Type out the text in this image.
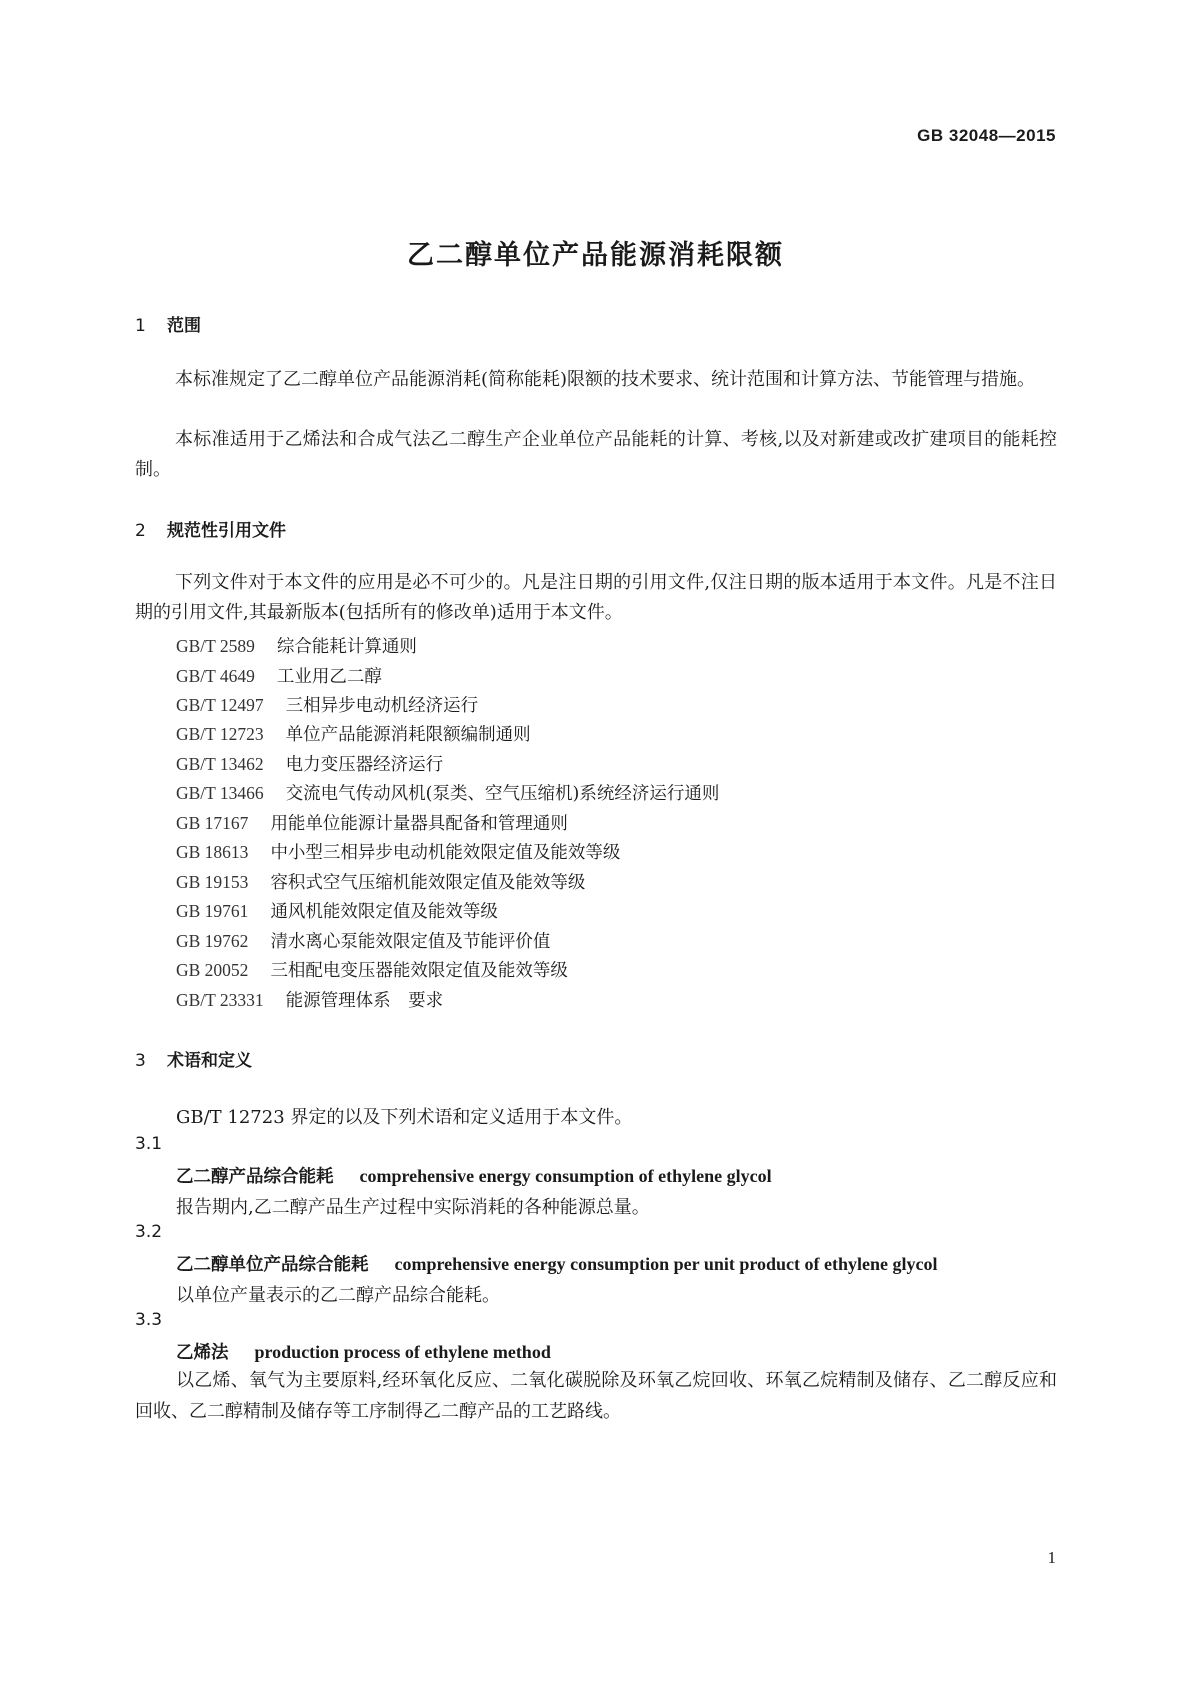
GB 32048—2015
乙二醇单位产品能源消耗限额
1 范围

本标准规定了乙二醇单位产品能源消耗(简称能耗)限额的技术要求、统计范围和计算方法、节能管理与措施。

本标准适用于乙烯法和合成气法乙二醇生产企业单位产品能耗的计算、考核,以及对新建或改扩建项目的能耗控制。

2 规范性引用文件

下列文件对于本文件的应用是必不可少的。凡是注日期的引用文件,仅注日期的版本适用于本文件。凡是不注日期的引用文件,其最新版本(包括所有的修改单)适用于本文件。

GB/T 2589 综合能耗计算通则
GB/T 4649 工业用乙二醇
GB/T 12497 三相异步电动机经济运行
GB/T 12723 单位产品能源消耗限额编制通则
GB/T 13462 电力变压器经济运行
GB/T 13466 交流电气传动风机(泵类、空气压缩机)系统经济运行通则
GB 17167 用能单位能源计量器具配备和管理通则
GB 18613 中小型三相异步电动机能效限定值及能效等级
GB 19153 容积式空气压缩机能效限定值及能效等级
GB 19761 通风机能效限定值及能效等级
GB 19762 清水离心泵能效限定值及节能评价值
GB 20052 三相配电变压器能效限定值及能效等级
GB/T 23331 能源管理体系　要求
3 术语和定义
GB/T 12723 界定的以及下列术语和定义适用于本文件。
3.1
乙二醇产品综合能耗 comprehensive energy consumption of ethylene glycol
报告期内,乙二醇产品生产过程中实际消耗的各种能源总量。
3.2
乙二醇单位产品综合能耗 comprehensive energy consumption per unit product of ethylene glycol
以单位产量表示的乙二醇产品综合能耗。
3.3
乙烯法 production process of ethylene method

以乙烯、氧气为主要原料,经环氧化反应、二氧化碳脱除及环氧乙烷回收、环氧乙烷精制及储存、乙二醇反应和回收、乙二醇精制及储存等工序制得乙二醇产品的工艺路线。

1
